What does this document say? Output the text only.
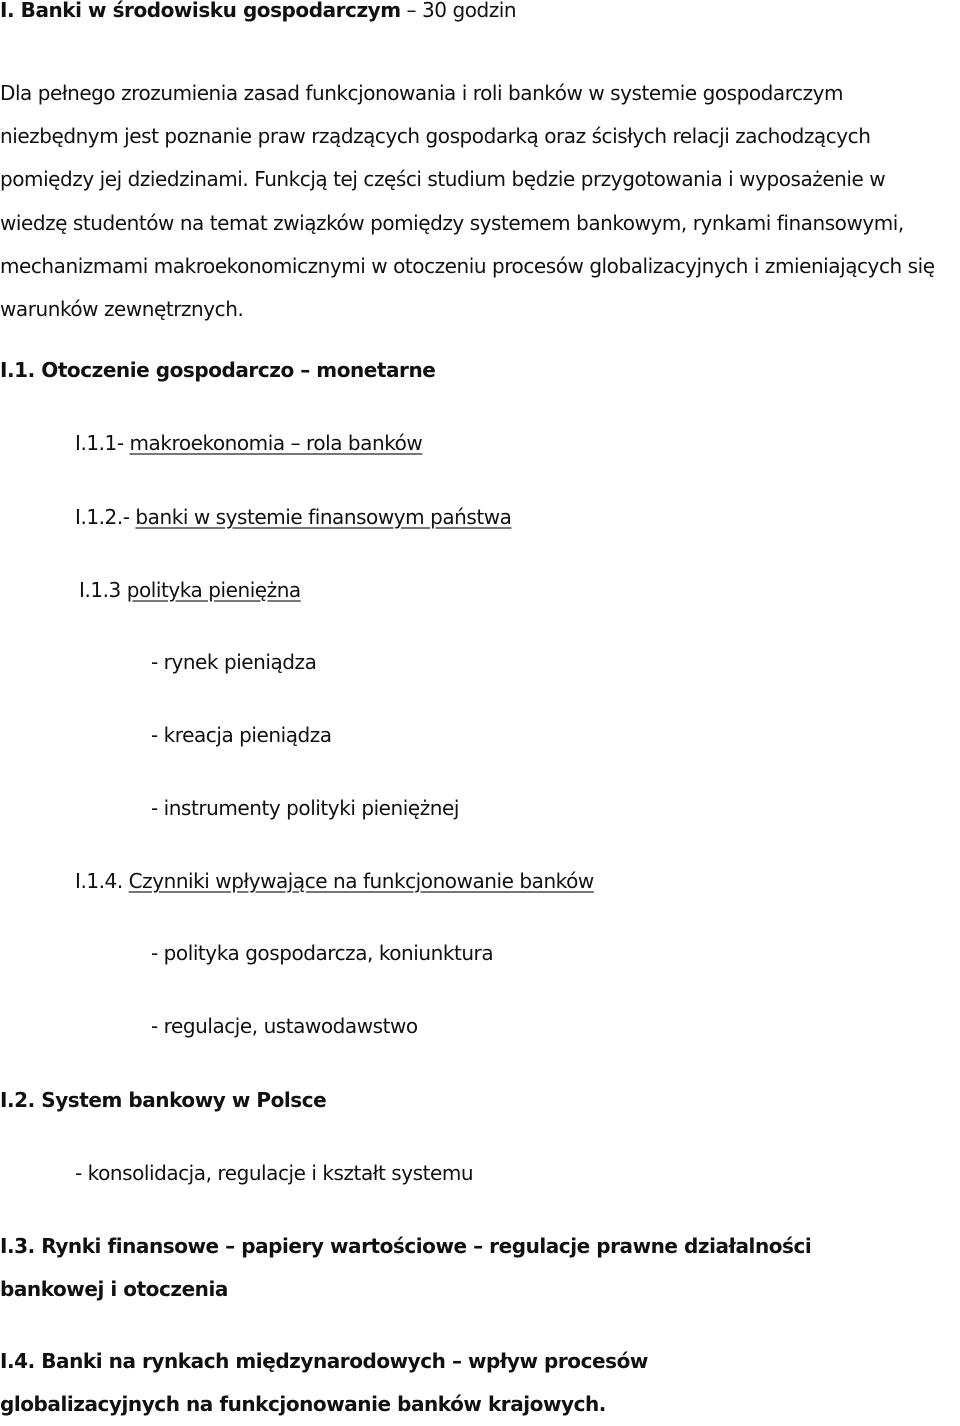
I. Banki w środowisku gospodarczym – 30 godzin
Dla pełnego zrozumienia zasad funkcjonowania i roli banków w systemie gospodarczym
niezbędnym jest poznanie praw rządzących gospodarką oraz ścisłych relacji zachodzących
pomiędzy jej dziedzinami. Funkcją tej części studium będzie przygotowania i wyposażenie w
wiedzę studentów na temat związków pomiędzy systemem bankowym, rynkami finansowymi,
mechanizmami makroekonomicznymi w otoczeniu procesów globalizacyjnych i zmieniających się
warunków zewnętrznych.
I.1. Otoczenie gospodarczo – monetarne
I.1.1- makroekonomia – rola banków
I.1.2.- banki w systemie finansowym państwa
I.1.3 polityka pieniężna
- rynek pieniądza
- kreacja pieniądza
- instrumenty polityki pieniężnej
I.1.4. Czynniki wpływające na funkcjonowanie banków
- polityka gospodarcza, koniunktura
- regulacje, ustawodawstwo
I.2. System bankowy w Polsce
- konsolidacja, regulacje i kształt systemu
I.3. Rynki finansowe – papiery wartościowe – regulacje prawne działalności bankowej i otoczenia
I.4. Banki na rynkach międzynarodowych – wpływ procesów globalizacyjnych na funkcjonowanie banków krajowych.
